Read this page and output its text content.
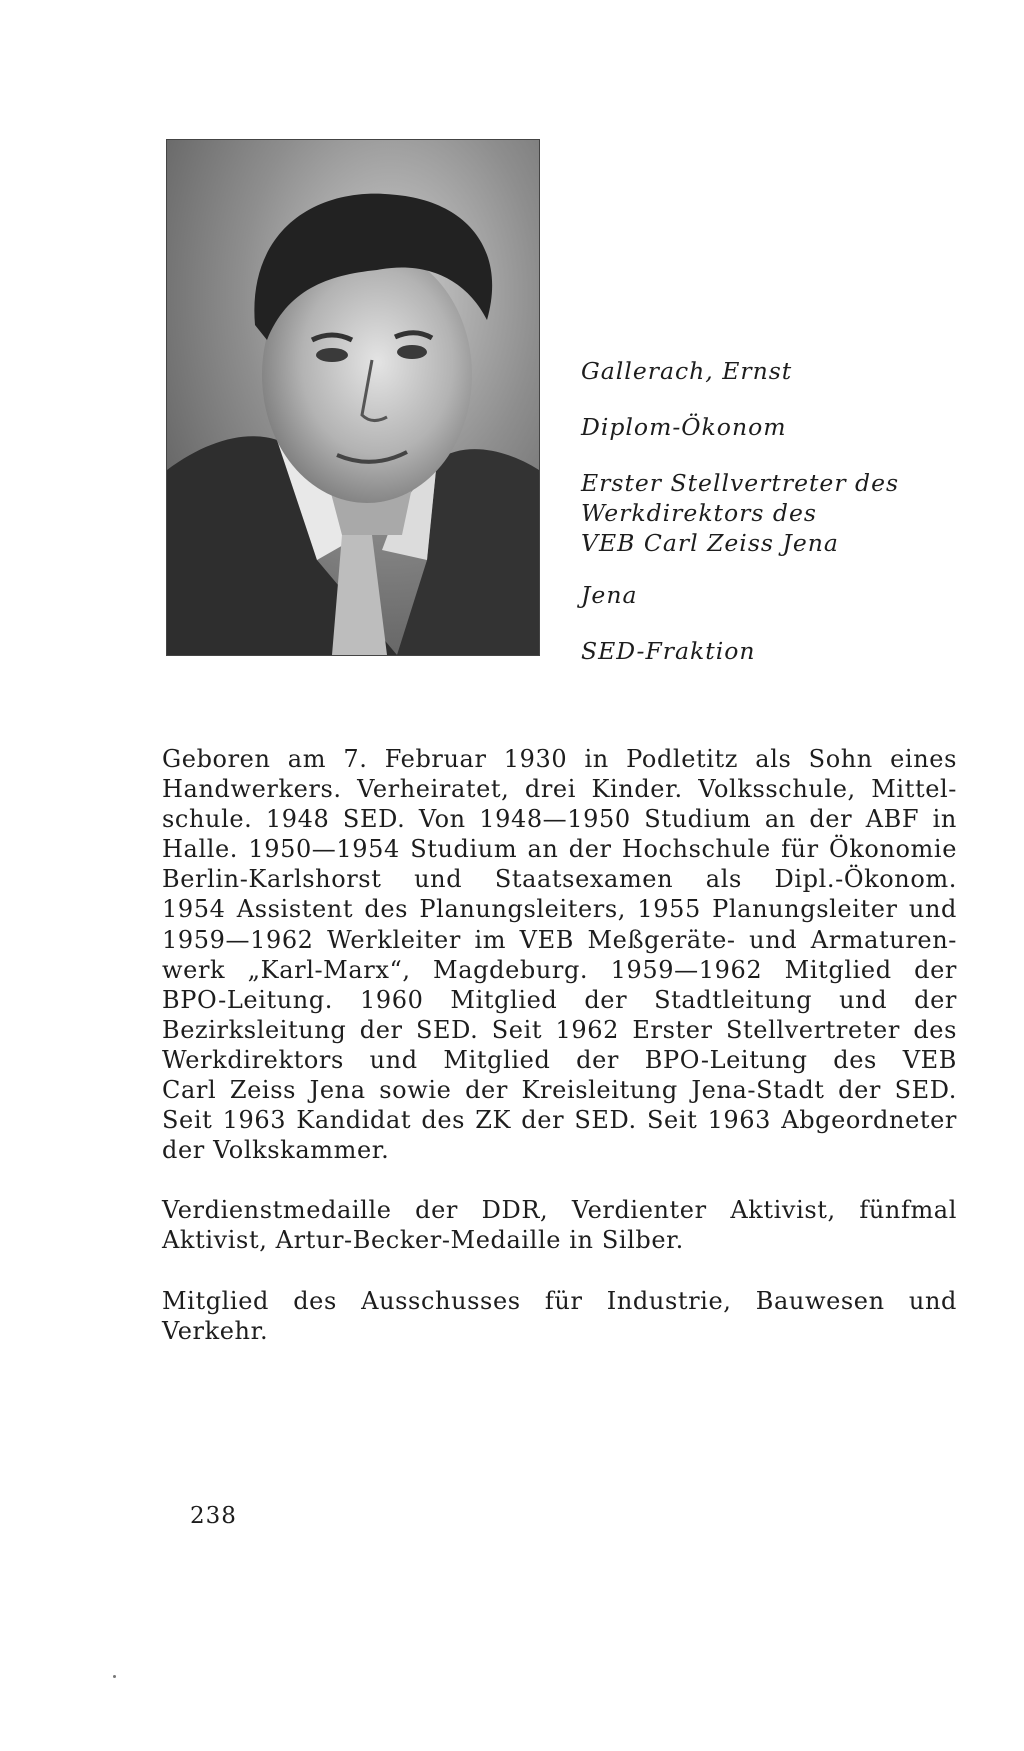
Gallerach, Ernst

Diplom-Ökonom

Erster Stellvertreter des
Werkdirektors des
VEB Carl Zeiss Jena

Jena

SED-Fraktion

Geboren am 7. Februar 1930 in Podletitz als Sohn eines
Handwerkers. Verheiratet, drei Kinder. Volksschule, Mittel-
schule. 1948 SED. Von 1948—1950 Studium an der ABF in
Halle. 1950—1954 Studium an der Hochschule für Ökonomie
Berlin-Karlshorst und Staatsexamen als Dipl.-Ökonom.
1954 Assistent des Planungsleiters, 1955 Planungsleiter und
1959—1962 Werkleiter im VEB Meßgeräte- und Armaturen-
werk „Karl-Marx“, Magdeburg. 1959—1962 Mitglied der
BPO-Leitung. 1960 Mitglied der Stadtleitung und der
Bezirksleitung der SED. Seit 1962 Erster Stellvertreter des
Werkdirektors und Mitglied der BPO-Leitung des VEB
Carl Zeiss Jena sowie der Kreisleitung Jena-Stadt der SED.
Seit 1963 Kandidat des ZK der SED. Seit 1963 Abgeordneter
der Volkskammer.

Verdienstmedaille der DDR, Verdienter Aktivist, fünfmal
Aktivist, Artur-Becker-Medaille in Silber.

Mitglied des Ausschusses für Industrie, Bauwesen und
Verkehr.

238
